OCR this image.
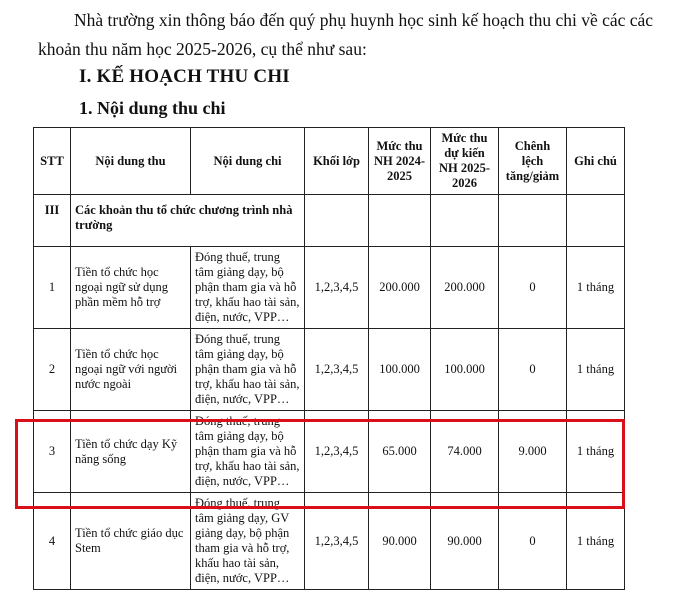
Nhà trường xin thông báo đến quý phụ huynh học sinh kế hoạch thu chi về các các khoản thu năm học 2025-2026, cụ thể như sau:

I. KẾ HOẠCH THU CHI
1. Nội dung thu chi
STT	Nội dung thu	Nội dung chi	Khối lớp	Mức thu NH 2024-2025	Mức thu dự kiến NH 2025-2026	Chênh lệch tăng/giảm	Ghi chú
III	Các khoản thu tổ chức chương trình nhà trường						
1	Tiền tổ chức học ngoại ngữ sử dụng phần mềm hỗ trợ	Đóng thuế, trung tâm giảng dạy, bộ phận tham gia và hỗ trợ, khấu hao tài sản, điện, nước, VPP…	1,2,3,4,5	200.000	200.000	0	1 tháng
2	Tiền tổ chức học ngoại ngữ với người nước ngoài	Đóng thuế, trung tâm giảng dạy, bộ phận tham gia và hỗ trợ, khấu hao tài sản, điện, nước, VPP…	1,2,3,4,5	100.000	100.000	0	1 tháng
3	Tiền tổ chức dạy Kỹ năng sống	Đóng thuế, trung tâm giảng dạy, bộ phận tham gia và hỗ trợ, khấu hao tài sản, điện, nước, VPP…	1,2,3,4,5	65.000	74.000	9.000	1 tháng
4	Tiền tổ chức giáo dục Stem	Đóng thuế, trung tâm giảng dạy, GV giảng dạy, bộ phận tham gia và hỗ trợ, khấu hao tài sản, điện, nước, VPP…	1,2,3,4,5	90.000	90.000	0	1 tháng
